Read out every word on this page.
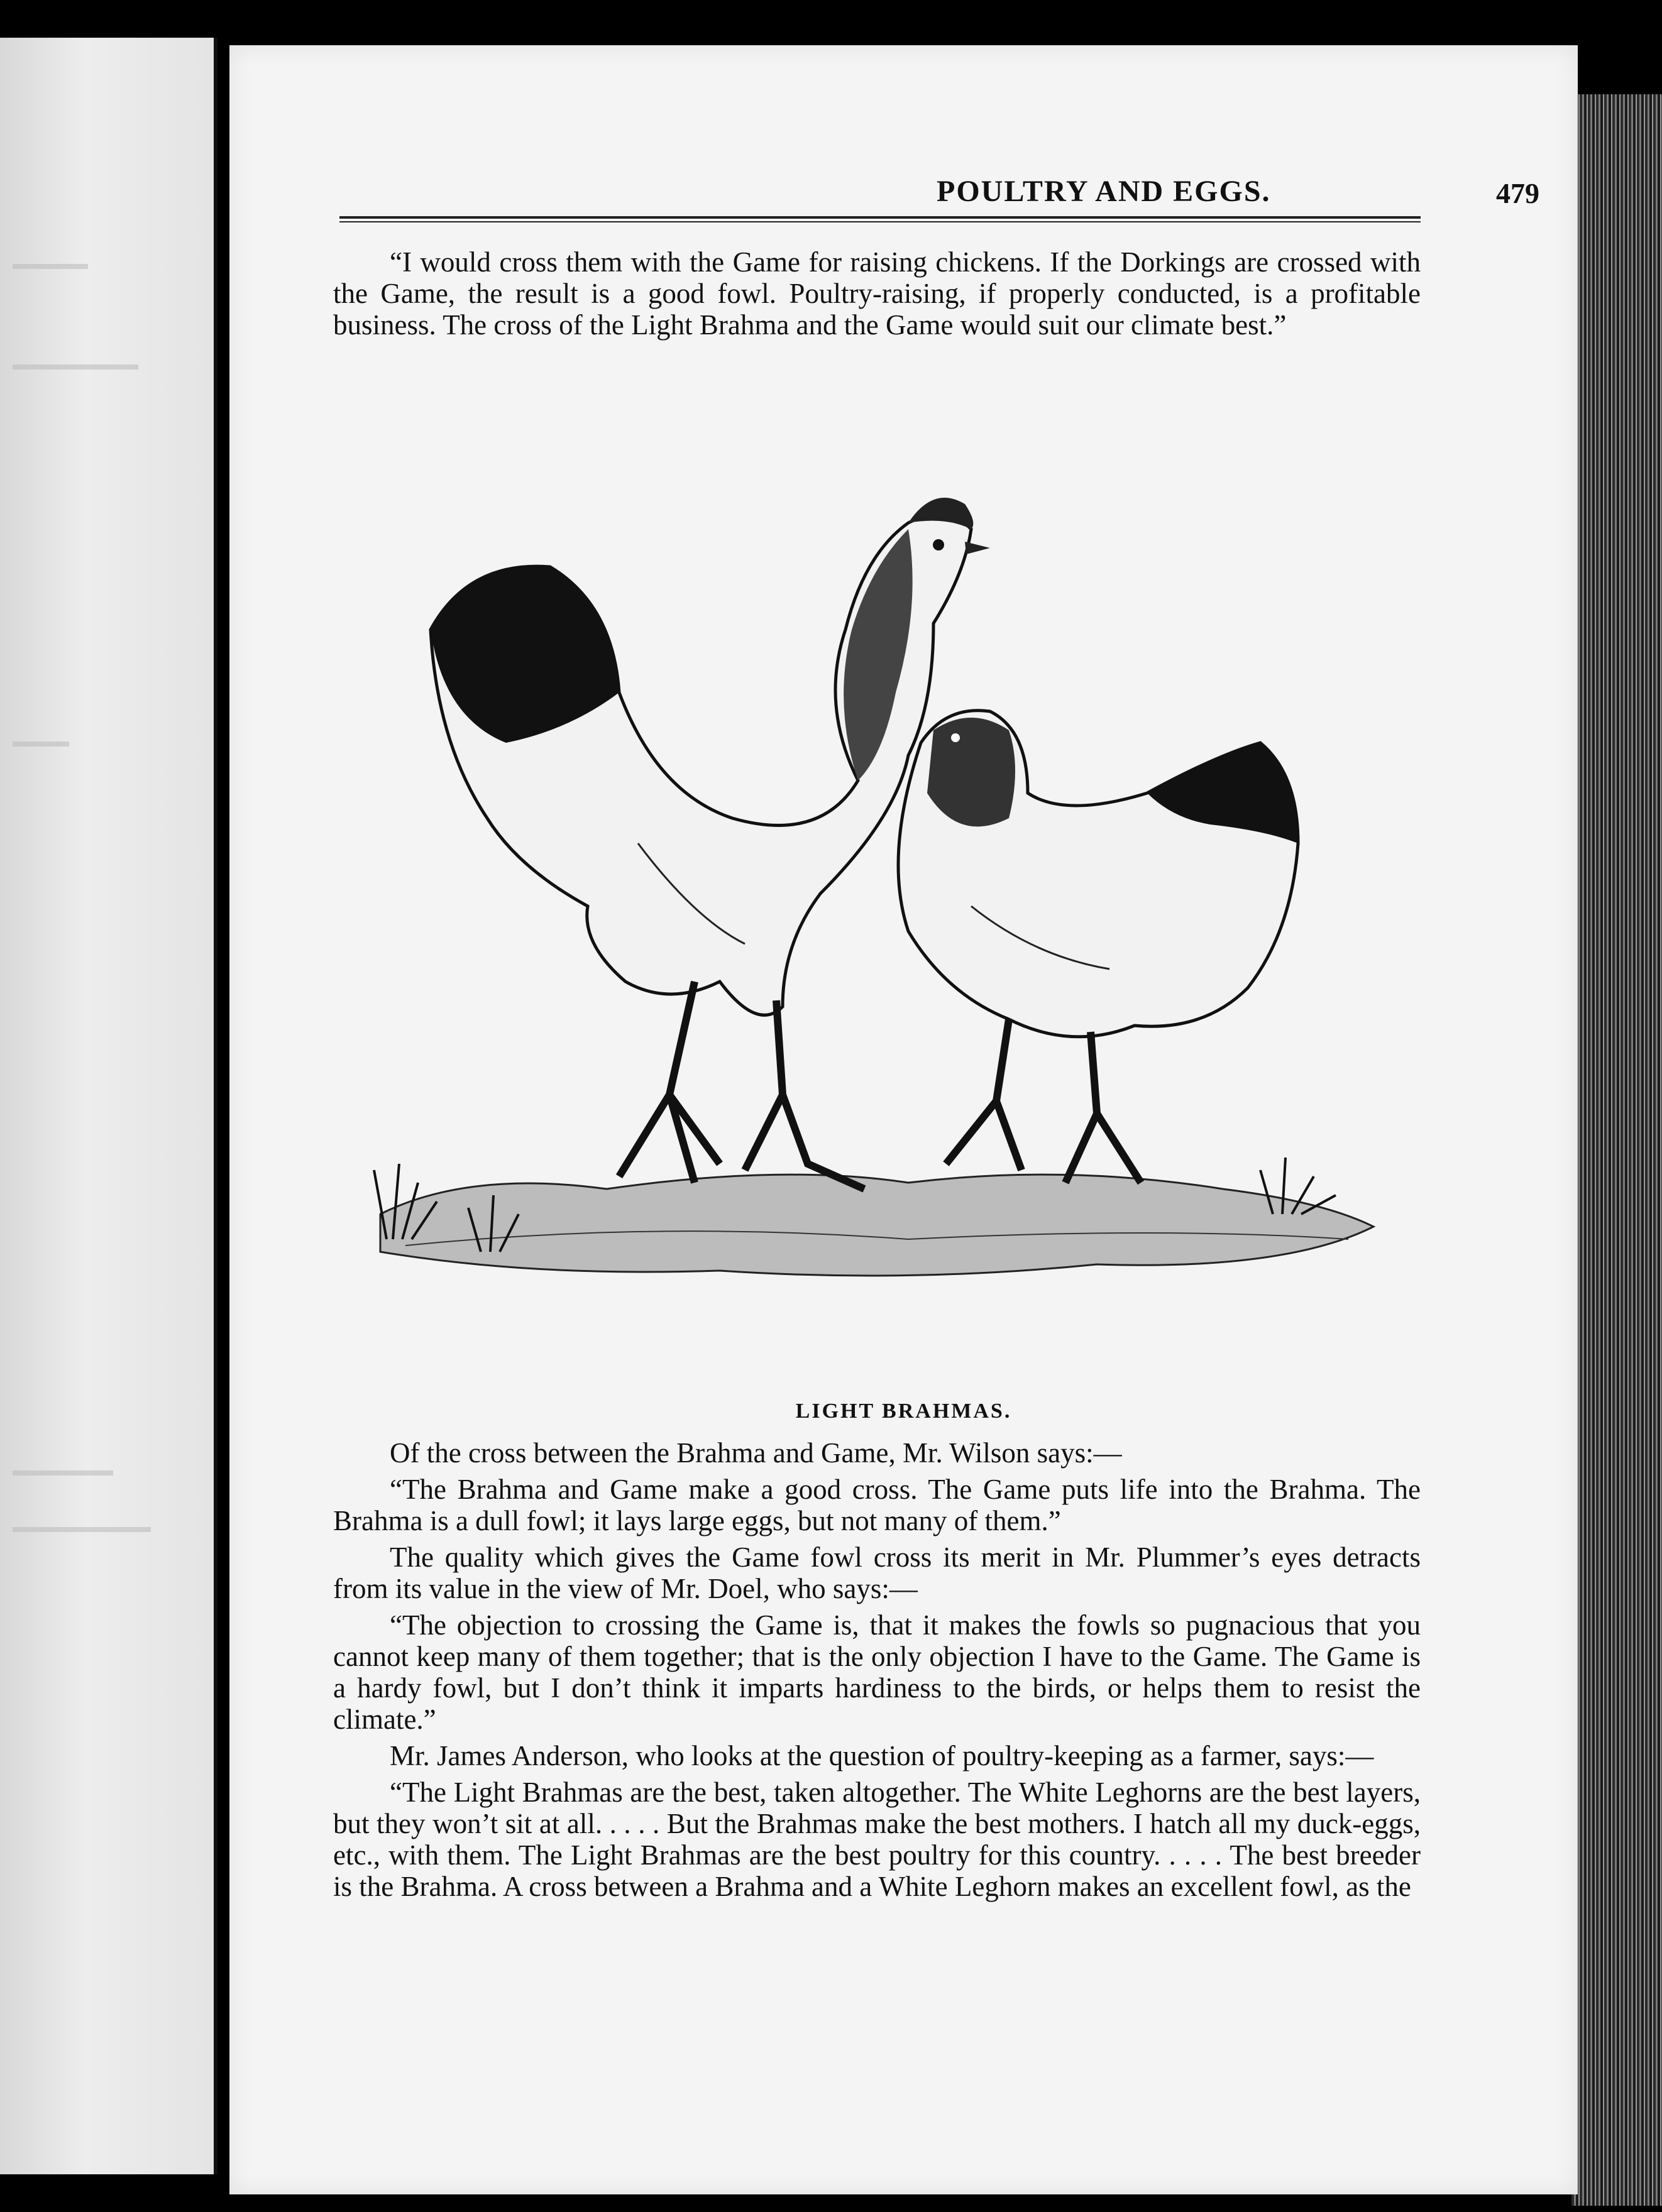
POULTRY AND EGGS.	479

“I would cross them with the Game for raising chickens. If the Dorkings are crossed with the Game, the result is a good fowl. Poultry-raising, if properly conducted, is a profitable business. The cross of the Light Brahma and the Game would suit our climate best.”

LIGHT BRAHMAS.

Of the cross between the Brahma and Game, Mr. Wilson says:—

“The Brahma and Game make a good cross. The Game puts life into the Brahma. The Brahma is a dull fowl; it lays large eggs, but not many of them.”

The quality which gives the Game fowl cross its merit in Mr. Plummer’s eyes detracts from its value in the view of Mr. Doel, who says:—

“The objection to crossing the Game is, that it makes the fowls so pugnacious that you cannot keep many of them together; that is the only objection I have to the Game. The Game is a hardy fowl, but I don’t think it imparts hardiness to the birds, or helps them to resist the climate.”

Mr. James Anderson, who looks at the question of poultry-keeping as a farmer, says:—

“The Light Brahmas are the best, taken altogether. The White Leghorns are the best layers, but they won’t sit at all. . . . . But the Brahmas make the best mothers. I hatch all my duck-eggs, etc., with them. The Light Brahmas are the best poultry for this country. . . . . The best breeder is the Brahma. A cross between a Brahma and a White Leghorn makes an excellent fowl, as the
